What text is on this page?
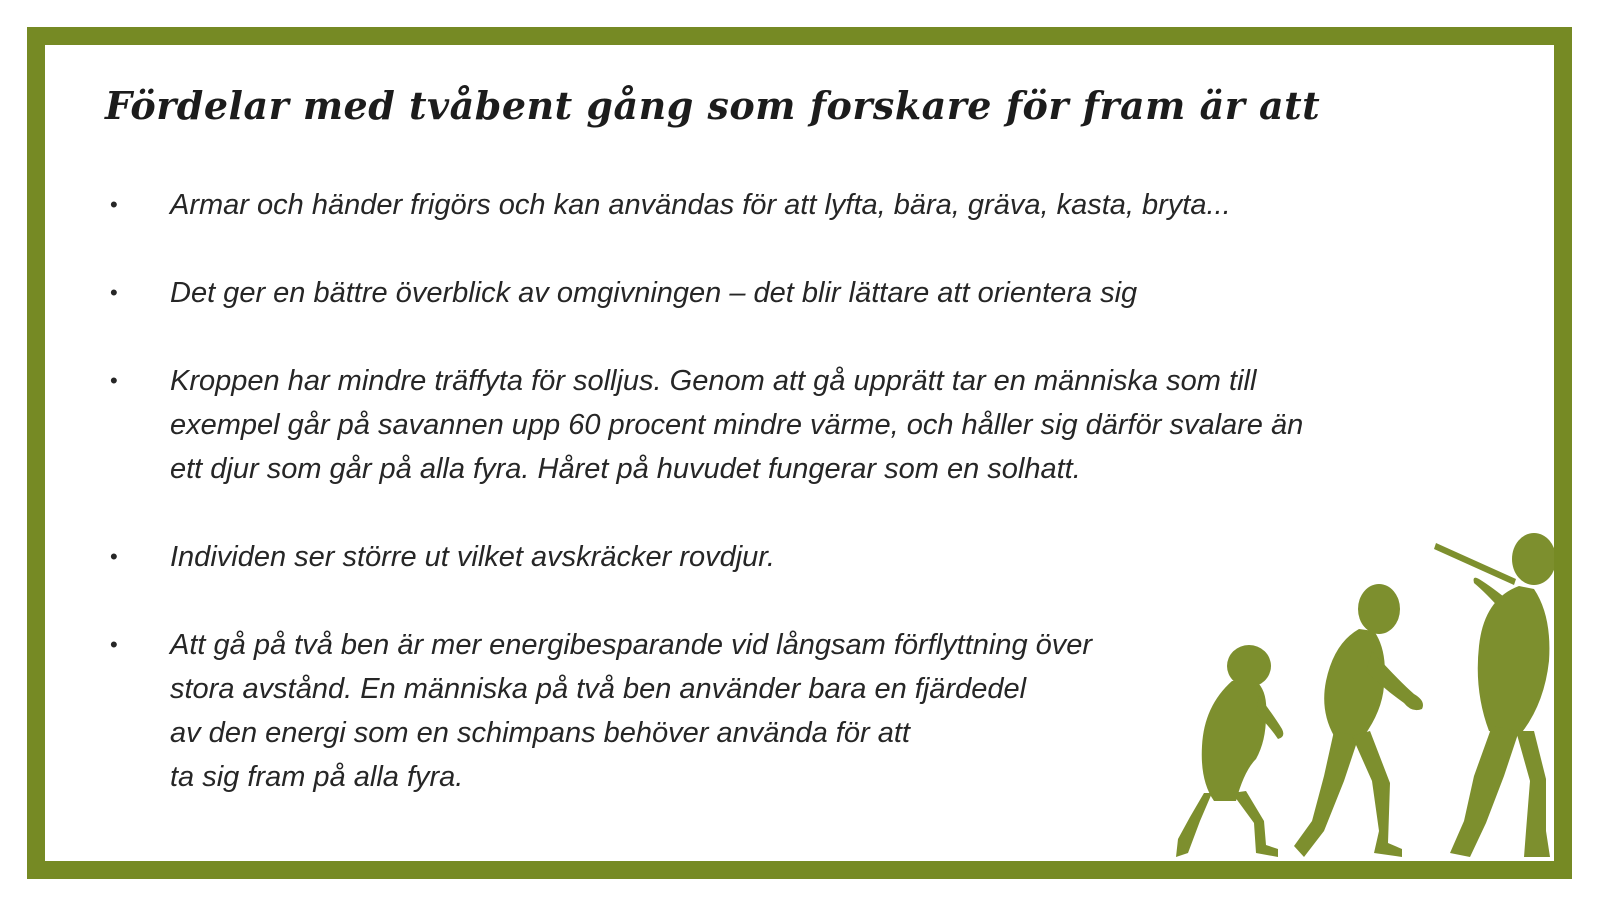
Fördelar med tvåbent gång som forskare för fram är att
• Armar och händer frigörs och kan användas för att lyfta, bära, gräva, kasta, bryta...
• Det ger en bättre överblick av omgivningen – det blir lättare att orientera sig
• Kroppen har mindre träffyta för solljus. Genom att gå upprätt tar en människa som till
exempel går på savannen upp 60 procent mindre värme, och håller sig därför svalare än
ett djur som går på alla fyra. Håret på huvudet fungerar som en solhatt.
• Individen ser större ut vilket avskräcker rovdjur.
• Att gå på två ben är mer energibesparande vid långsam förflyttning över
stora avstånd. En människa på två ben använder bara en fjärdedel
av den energi som en schimpans behöver använda för att
ta sig fram på alla fyra.
